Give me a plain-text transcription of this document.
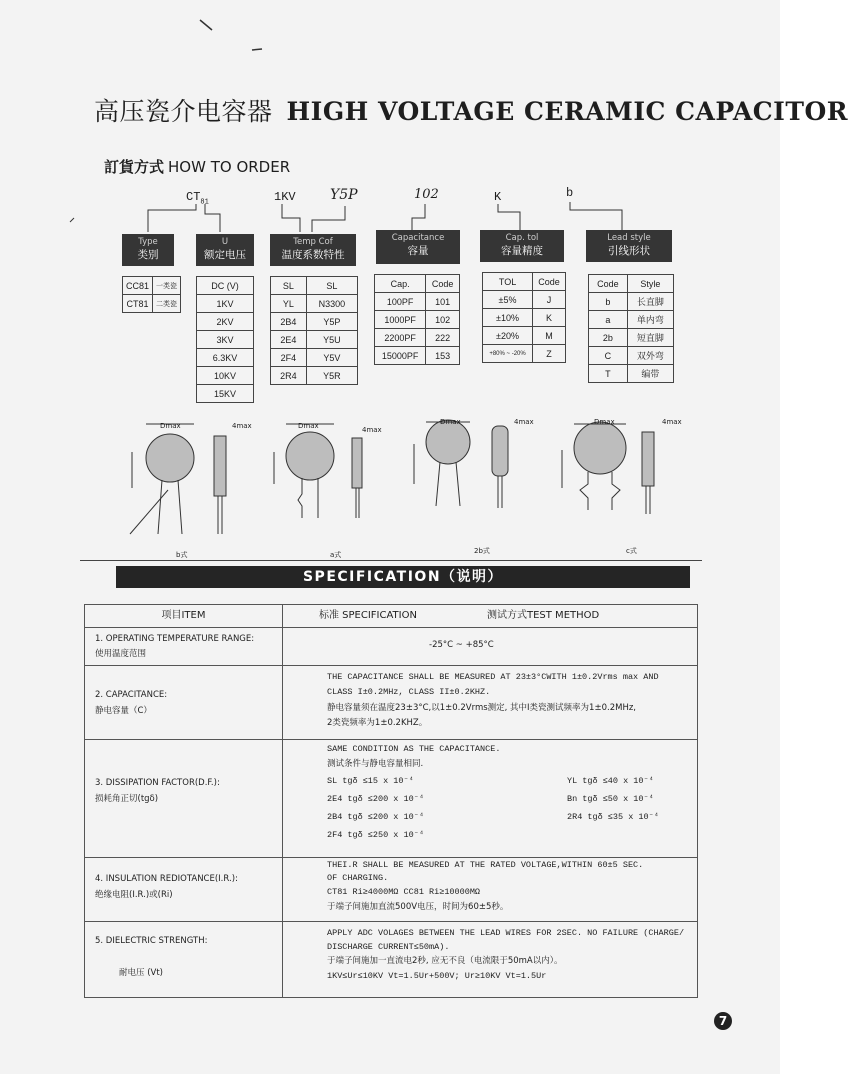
高压瓷介电容器 HIGH VOLTAGE CERAMIC CAPACITOR
訂貨方式 HOW TO ORDER
$CT_{81}$	1KV Y5P	102	K	b
Type
类别
U
额定电压
Temp Cof
温度系数特性
Capacitance
容量
Cap. tol
容量精度
Lead style
引线形状
CC81	一类瓷
CT81	二类瓷
DC (V)
1KV
2KV
3KV
6.3KV
10KV
15KV
SL	SL
YL	N3300
2B4	Y5P
2E4	Y5U
2F4	Y5V
2R4	Y5R
Cap.	Code
100PF	101
1000PF	102
2200PF	222
15000PF	153
TOL	Code
±5%	J
±10%	K
±20%	M
+80% ~ -20%	Z
Code	Style
b	长直脚
a	单内弯
2b	短直脚
C	双外弯
T	编带
Dmax	4max	Dmax	4max
Dmax	4max	Dmax	4max
b式	a式	2b式	c式
SPECIFICATION（说明）
项目ITEM	标准 SPECIFICATION	测试方式TEST METHOD
1. OPERATING TEMPERATURE RANGE:
使用温度范围
-25°C ~ +85°C
2. CAPACITANCE:
静电容量（C）
THE CAPACITANCE SHALL BE MEASURED AT 23±3°CWITH 1±0.2Vrms max AND
CLASS I±0.2MHz, CLASS II±0.2KHZ.
静电容量须在温度23±3°C,以1±0.2Vrms测定, 其中I类瓷测试频率为1±0.2MHz,
2类瓷频率为1±0.2KHZ。
3. DISSIPATION FACTOR(D.F.):
损耗角正切(tgδ)
SAME CONDITION AS THE CAPACITANCE.
测试条件与静电容量相同.
SL tgδ ≤15 x 10⁻⁴	YL tgδ ≤40 x 10⁻⁴
2E4 tgδ ≤200 x 10⁻⁴	Bn tgδ ≤50 x 10⁻⁴
2B4 tgδ ≤200 x 10⁻⁴	2R4 tgδ ≤35 x 10⁻⁴
2F4 tgδ ≤250 x 10⁻⁴
4. INSULATION REDIOTANCE(I.R.):
绝缘电阻(I.R.)或(Ri)
THEI.R SHALL BE MEASURED AT THE RATED VOLTAGE,WITHIN 60±5 SEC.
OF CHARGING.
CT81 Ri≥4000MΩ CC81 Ri≥10000MΩ
于端子间施加直流500V电压，时间为60±5秒。
5. DIELECTRIC STRENGTH:
耐电压 (Vt)
APPLY ADC VOLAGES BETWEEN THE LEAD WIRES FOR 2SEC. NO FAILURE (CHARGE/
DISCHARGE CURRENT≤50mA).
于端子间施加一直流电2秒, 应无不良（电流限于50mA以内）。
1KV≤Ur≤10KV Vt=1.5Ur+500V; Ur≥10KV Vt=1.5Ur
7
